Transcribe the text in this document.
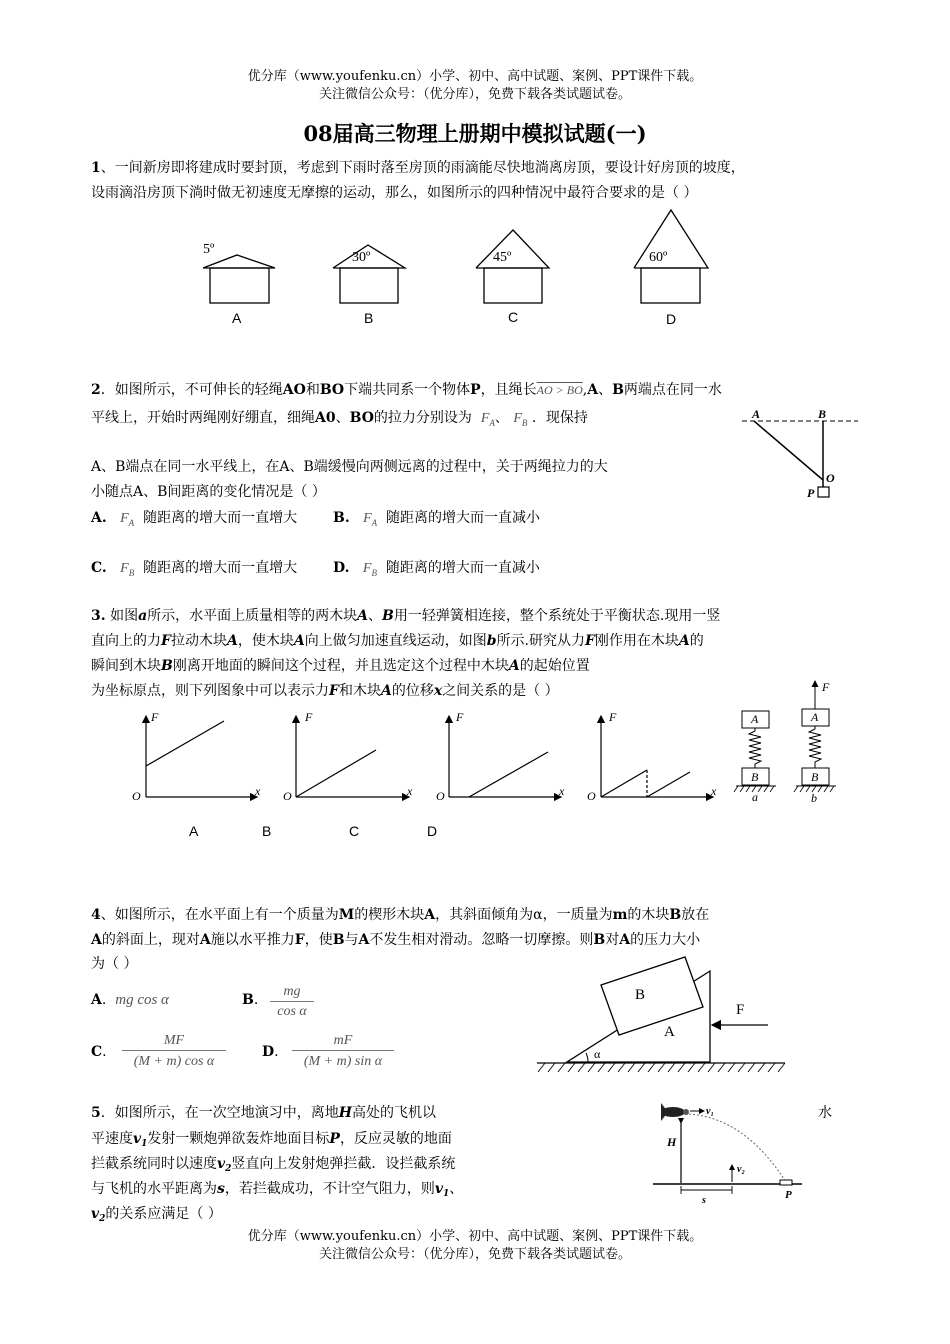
优分库（www.youfenku.cn）小学、初中、高中试题、案例、PPT课件下载。
关注微信公众号：（优分库），免费下载各类试题试卷。
08届高三物理上册期中模拟试题(一)
1、一间新房即将建成时要封顶，考虑到下雨时落至房顶的雨滴能尽快地淌离房顶，要设计好房顶的坡度，
设雨滴沿房顶下淌时做无初速度无摩擦的运动，那么，如图所示的四种情况中最符合要求的是（ ）
5º
30º	45º	60º
A	B	C	D
2．如图所示，不可伸长的轻绳AO和BO下端共同系一个物体P，且绳长AO > BO,A、B两端点在同一水
平线上，开始时两绳刚好绷直，细绳A0、BO的拉力分别设为 $F_A$、 $F_B$ ．现保持
A、B端点在同一水平线上，在A、B端缓慢向两侧远离的过程中，关于两绳拉力的大
小随点A、B间距离的变化情况是（ ）
A. $F_A$ 随距离的增大而一直增大	B. $F_A$ 随距离的增大而一直减小
C. $F_B$ 随距离的增大而一直增大	D. $F_B$ 随距离的增大而一直减小
A	B
O
P
3. 如图a所示，水平面上质量相等的两木块A、B用一轻弹簧相连接，整个系统处于平衡状态.现用一竖
直向上的力F拉动木块A，使木块A向上做匀加速直线运动，如图b所示.研究从力F刚作用在木块A的
瞬间到木块B刚离开地面的瞬间这个过程，并且选定这个过程中木块A的起始位置
为坐标原点，则下列图象中可以表示力F和木块A的位移x之间关系的是（ ）
F
x
O
F
x
O
F
x
O
F
x
O
A
B
A
B
F
a	b
A	B	C	D
4、如图所示，在水平面上有一个质量为M的楔形木块A，其斜面倾角为α，一质量为m的木块B放在
A的斜面上，现对A施以水平推力F，使B与A不发生相对滑动。忽略一切摩擦。则B对A的压力大小
为（ ）
A.  mg cos α	B.
mg
cos α
C.
MF
(M + m) cos α
D.
mF
(M + m) sin α
B
A
F
α
5．如图所示，在一次空地演习中，离地H高处的飞机以	水
平速度$v_1$发射一颗炮弹欲轰炸地面目标P，反应灵敏的地面
拦截系统同时以速度$v_2$竖直向上发射炮弹拦截．设拦截系统
与飞机的水平距离为s，若拦截成功，不计空气阻力，则$v_1$、
$v_2$的关系应满足（ ）
v₁
H
v₂
s	P
优分库（www.youfenku.cn）小学、初中、高中试题、案例、PPT课件下载。
关注微信公众号：（优分库），免费下载各类试题试卷。
